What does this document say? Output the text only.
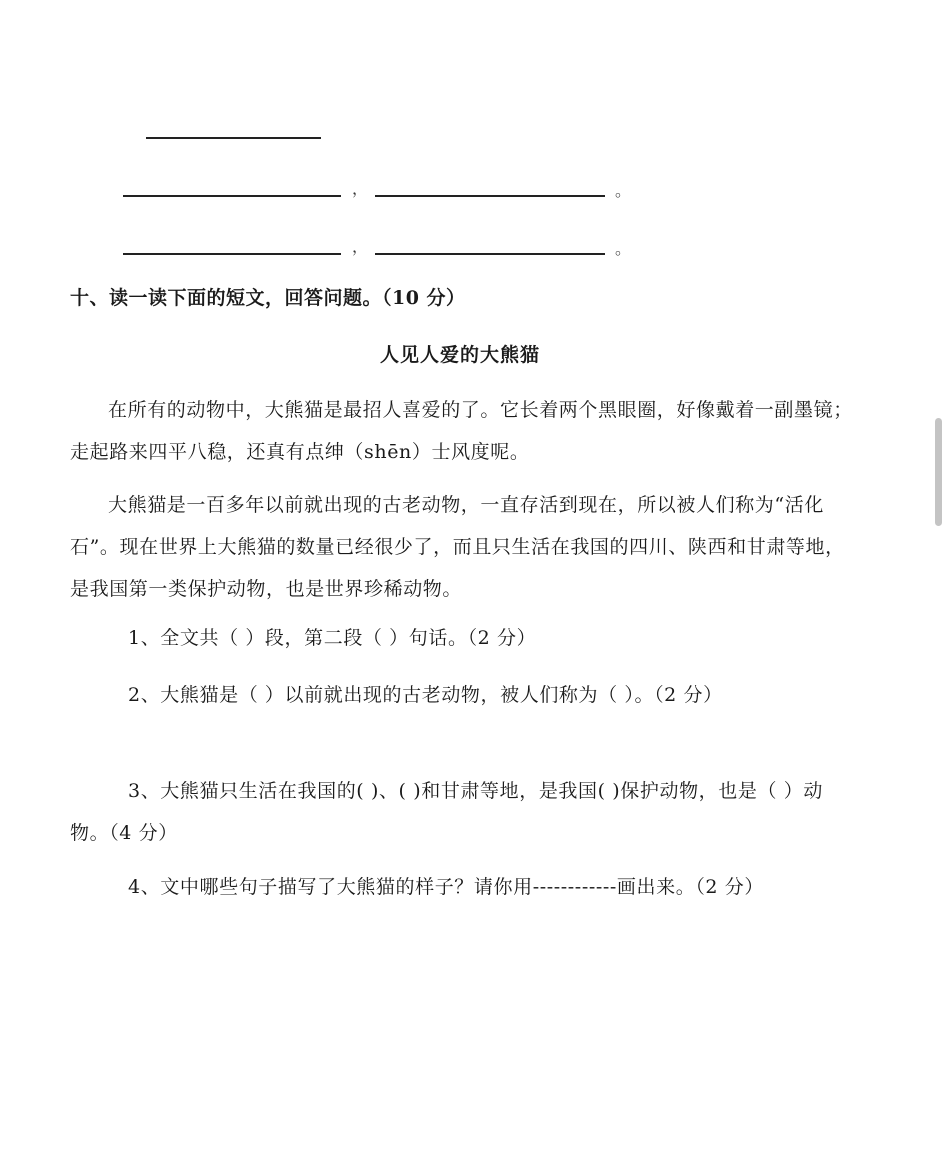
，	。
，	。
十、读一读下面的短文，回答问题。（10 分）
人见人爱的大熊猫

在所有的动物中，大熊猫是最招人喜爱的了。它长着两个黑眼圈，好像戴着一副墨镜；走起路来四平八稳，还真有点绅（shēn）士风度呢。

大熊猫是一百多年以前就出现的古老动物，一直存活到现在，所以被人们称为“活化石”。现在世界上大熊猫的数量已经很少了，而且只生活在我国的四川、陕西和甘肃等地，是我国第一类保护动物，也是世界珍稀动物。

1、全文共（ ）段，第二段（ ）句话。（2 分）

2、大熊猫是（ ）以前就出现的古老动物，被人们称为（ ）。（2 分）

3、大熊猫只生活在我国的( )、( )和甘肃等地，是我国( )保护动物，也是（ ）动物。（4 分）

4、文中哪些句子描写了大熊猫的样子？请你用------------画出来。（2 分）
